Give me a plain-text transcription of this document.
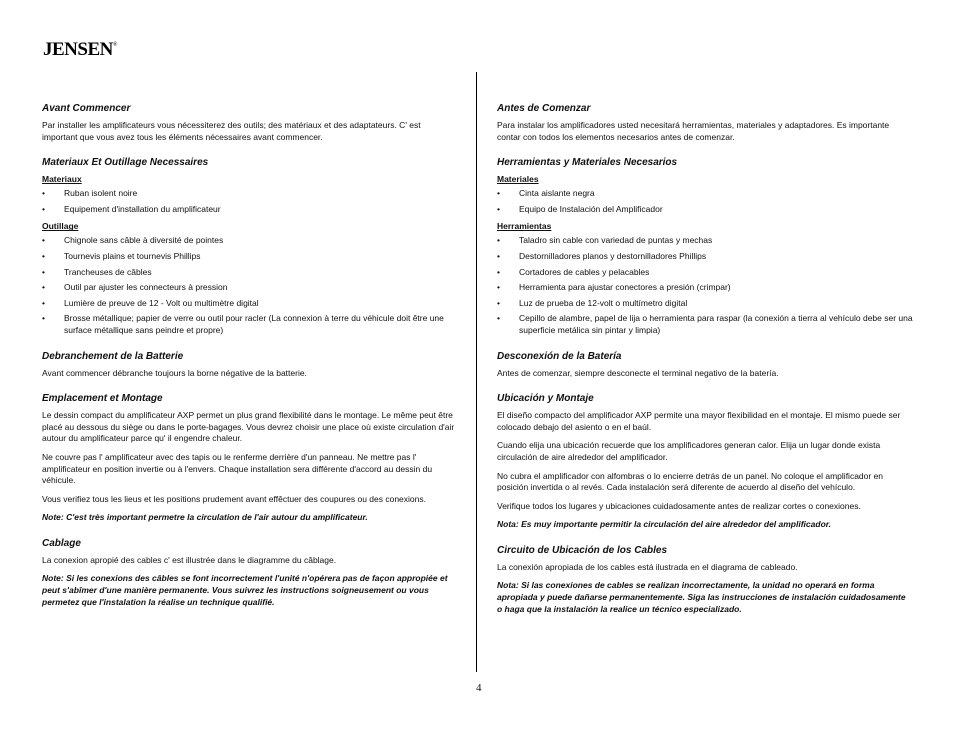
JENSEN®
Avant Commencer

Par installer les amplificateurs vous nécessiterez des outils; des matériaux et des adaptateurs. C' est important que vous avez tous les éléments nécessaires avant commencer.

Materiaux Et Outillage Necessaires
Materiaux
• Ruban isolent noire
• Equipement d'installation du amplificateur
Outillage
• Chignole sans câble à diversité de pointes
• Tournevis plains et tournevis Phillips
• Trancheuses de câbles
• Outil par ajuster les connecteurs à pression
• Lumière de preuve de 12 - Volt ou multimètre digital
• Brosse métallique; papier de verre ou outil pour racler (La connexion à terre du véhicule doit être une surface métallique sans peindre et propre)
Debranchement de la Batterie

Avant commencer débranche toujours la borne négative de la batterie.

Emplacement et Montage

Le dessin compact du amplificateur AXP permet un plus grand flexibilité dans le montage. Le même peut être placé au dessous du siège ou dans le porte-bagages. Vous devrez choisir une place où existe circulation d'air autour du amplificateur parce qu' il engendre chaleur.

Ne couvre pas l' amplificateur avec des tapis ou le renferme derrière d'un panneau. Ne mettre pas l' amplificateur en position invertie ou à l'envers. Chaque installation sera différente d'accord au dessin du véhicule.

Vous verifiez tous les lieus et les positions prudement avant effêctuer des coupures ou des conexions.

Note: C'est très important permetre la circulation de l'air autour du amplificateur.

Cablage

La conexion apropié des cables c' est illustrée dans le diagramme du câblage.

Note: Si les conexions des câbles se font incorrectement l'unité n'opérera pas de façon appropiée et peut s'abîmer d'une manière permanente. Vous suivrez les instructions soigneusement ou vous permetez que l'instalation la réalise un technique qualifié.

Antes de Comenzar

Para instalar los amplificadores usted necesitará herramientas, materiales y adaptadores. Es importante contar con todos los elementos necesarios antes de comenzar.

Herramientas y Materiales Necesarios
Materiales
• Cinta aislante negra
• Equipo de Instalación del Amplificador
Herramientas
• Taladro sin cable con variedad de puntas y mechas
• Destornilladores planos y destornilladores Phillips
• Cortadores de cables y pelacables
• Herramienta para ajustar conectores a presión (crimpar)
• Luz de prueba de 12-volt o multímetro digital
• Cepillo de alambre, papel de lija o herramienta para raspar (la conexión a tierra al vehículo debe ser una superficie metálica sin pintar y limpia)
Desconexión de la Batería

Antes de comenzar, siempre desconecte el terminal negativo de la batería.

Ubicación y Montaje

El diseño compacto del amplificador AXP permite una mayor flexibilidad en el montaje. El mismo puede ser colocado debajo del asiento o en el baúl.

Cuando elija una ubicación recuerde que los amplificadores generan calor. Elija un lugar donde exista circulación de aire alrededor del amplificador.

No cubra el amplificador con alfombras o lo encierre detrás de un panel. No coloque el amplificador en posición invertida o al revés. Cada instalación será diferente de acuerdo al diseño del vehículo.

Verifique todos los lugares y ubicaciones cuidadosamente antes de realizar cortes o conexiones.

Nota: Es muy importante permitir la circulación del aire alrededor del amplificador.

Circuito de Ubicación de los Cables

La conexión apropiada de los cables está ilustrada en el diagrama de cableado.

Nota: Si las conexiones de cables se realizan incorrectamente, la unidad no operará en forma apropiada y puede dañarse permanentemente. Siga las instrucciones de instalación cuidadosamente o haga que la instalación la realice un técnico especializado.

4
